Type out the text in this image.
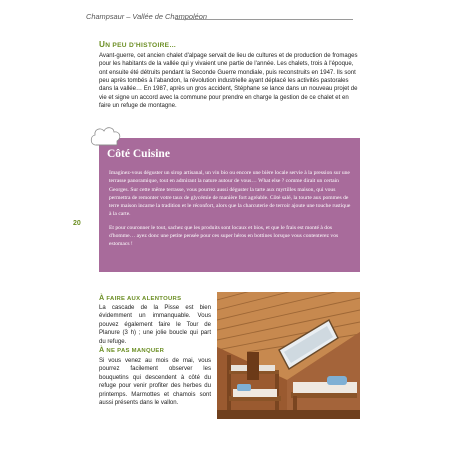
Champsaur – Vallée de Champoléon
UN PEU D'HISTOIRE…

Avant-guerre, cet ancien chalet d'alpage servait de lieu de cultures et de production de fromages pour les habitants de la vallée qui y vivaient une partie de l'année. Les chalets, trois à l'époque, ont ensuite été détruits pendant la Seconde Guerre mondiale, puis reconstruits en 1947. Ils sont peu après tombés à l'abandon, la révolution industrielle ayant déplacé les activités pastorales dans la vallée… En 1987, après un gros accident, Stéphane se lance dans un nouveau projet de vie et signe un accord avec la commune pour prendre en charge la gestion de ce chalet et en faire un refuge de montagne.

Côté Cuisine

Imaginez-vous déguster un sirop artisanal, un vin bio ou encore une bière locale servie à la pression sur une terrasse panoramique, tout en admirant la nature autour de vous… What else ? comme dirait un certain Georges. Sur cette même terrasse, vous pourrez aussi déguster la tarte aux myrtilles maison, qui vous permettra de remonter votre taux de glycémie de manière fort agréable. Côté salé, la tourte aux pommes de terre maison incarne la tradition et le réconfort, alors que la charcuterie de terroir ajoute une touche rustique à la carte.

Et pour couronner le tout, sachez que les produits sont locaux et bios, et que le frais est monté à dos d'homme… ayez donc une petite pensée pour ces super héros en bottines lorsque vous contenterez vos estomacs !

20
À FAIRE AUX ALENTOURS

La cascade de la Pisse est bien évidemment un immanquable. Vous pouvez également faire le Tour de Planure (3 h) ; une jolie boucle qui part du refuge.

À NE PAS MANQUER

Si vous venez au mois de mai, vous pourrez facilement observer les bouquetins qui descendent à côté du refuge pour venir profiter des herbes du printemps. Marmottes et chamois sont aussi présents dans le vallon.
